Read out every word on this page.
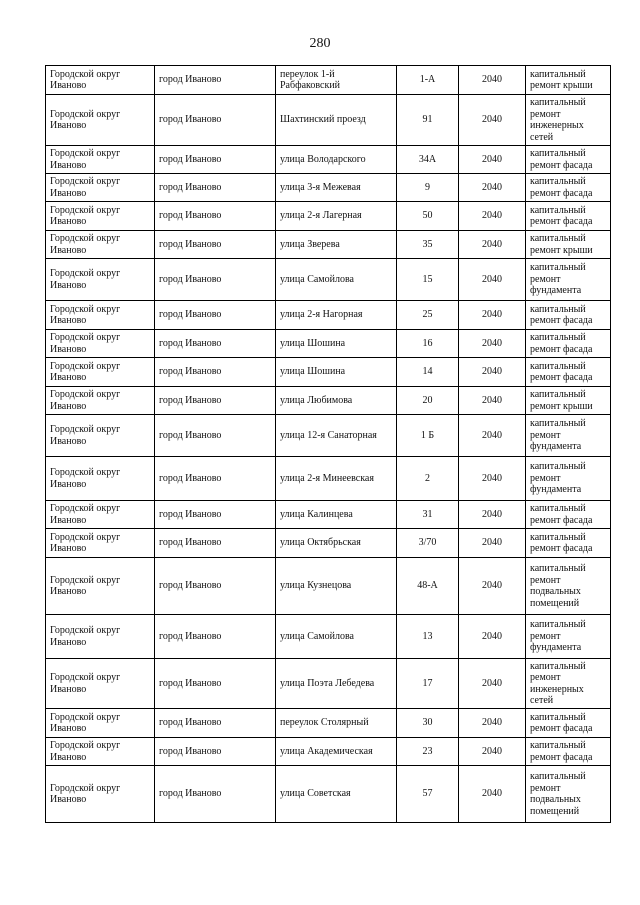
280
Городской округ Иваново	город Иваново	переулок 1-й Рабфаковский	1-А	2040	капитальный ремонт крыши
Городской округ Иваново	город Иваново	Шахтинский проезд	91	2040	капитальный ремонт инженерных сетей
Городской округ Иваново	город Иваново	улица Володарского	34А	2040	капитальный ремонт фасада
Городской округ Иваново	город Иваново	улица 3-я Межевая	9	2040	капитальный ремонт фасада
Городской округ Иваново	город Иваново	улица 2-я Лагерная	50	2040	капитальный ремонт фасада
Городской округ Иваново	город Иваново	улица Зверева	35	2040	капитальный ремонт крыши
Городской округ Иваново	город Иваново	улица Самойлова	15	2040	капитальный ремонт фундамента
Городской округ Иваново	город Иваново	улица 2-я Нагорная	25	2040	капитальный ремонт фасада
Городской округ Иваново	город Иваново	улица Шошина	16	2040	капитальный ремонт фасада
Городской округ Иваново	город Иваново	улица Шошина	14	2040	капитальный ремонт фасада
Городской округ Иваново	город Иваново	улица Любимова	20	2040	капитальный ремонт крыши
Городской округ Иваново	город Иваново	улица 12-я Санаторная	1 Б	2040	капитальный ремонт фундамента
Городской округ Иваново	город Иваново	улица 2-я Минеевская	2	2040	капитальный ремонт фундамента
Городской округ Иваново	город Иваново	улица Калинцева	31	2040	капитальный ремонт фасада
Городской округ Иваново	город Иваново	улица Октябрьская	3/70	2040	капитальный ремонт фасада
Городской округ Иваново	город Иваново	улица Кузнецова	48-А	2040	капитальный ремонт подвальных помещений
Городской округ Иваново	город Иваново	улица Самойлова	13	2040	капитальный ремонт фундамента
Городской округ Иваново	город Иваново	улица Поэта Лебедева	17	2040	капитальный ремонт инженерных сетей
Городской округ Иваново	город Иваново	переулок Столярный	30	2040	капитальный ремонт фасада
Городской округ Иваново	город Иваново	улица Академическая	23	2040	капитальный ремонт фасада
Городской округ Иваново	город Иваново	улица Советская	57	2040	капитальный ремонт подвальных помещений
